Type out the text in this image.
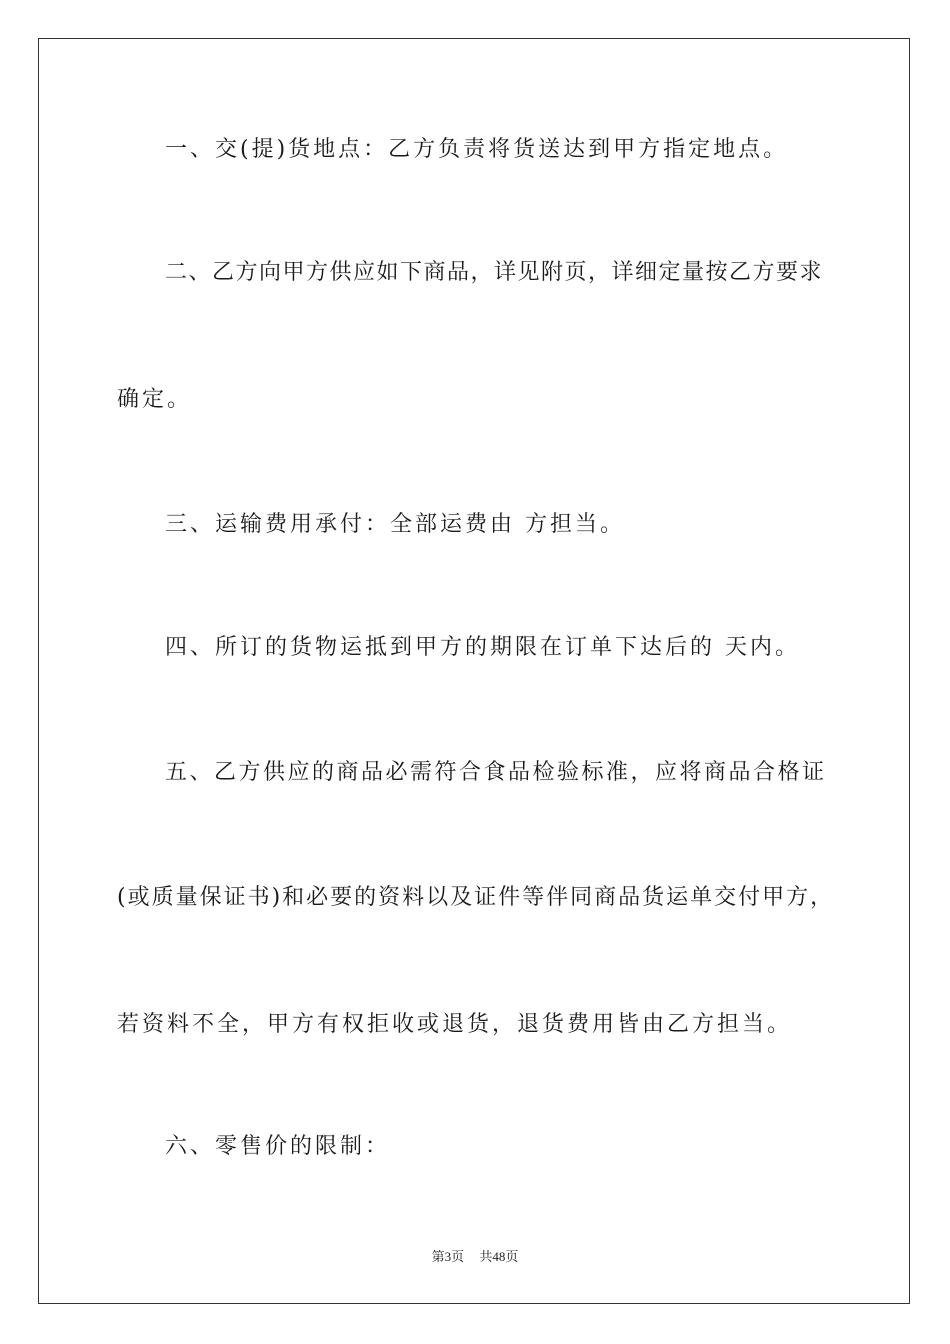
一、交(提)货地点：乙方负责将货送达到甲方指定地点。
二、乙方向甲方供应如下商品，详见附页，详细定量按乙方要求
确定。
三、运输费用承付：全部运费由 方担当。
四、所订的货物运抵到甲方的期限在订单下达后的 天内。
五、乙方供应的商品必需符合食品检验标准，应将商品合格证
(或质量保证书)和必要的资料以及证件等伴同商品货运单交付甲方，
若资料不全，甲方有权拒收或退货，退货费用皆由乙方担当。
六、零售价的限制：
第3页 共48页
